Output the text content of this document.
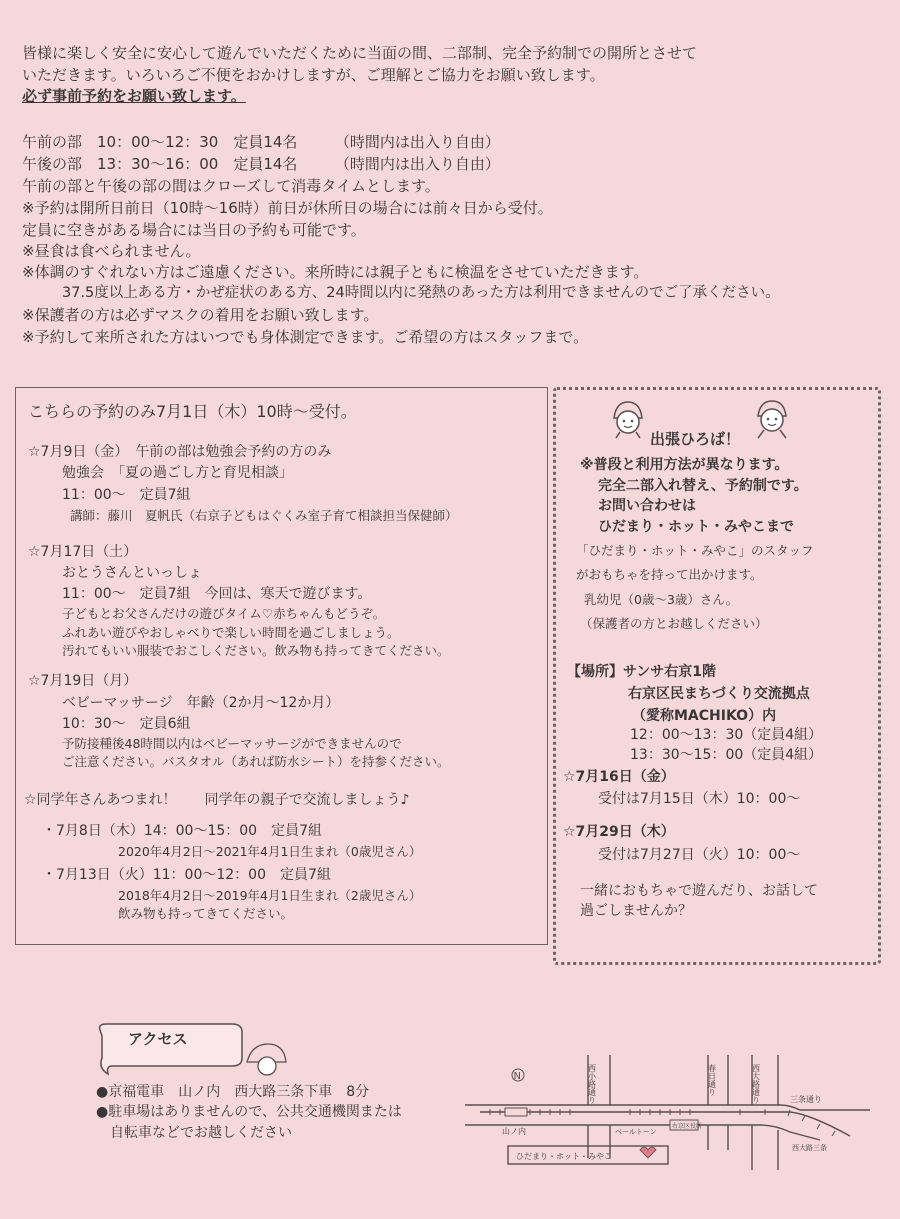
皆様に楽しく安全に安心して遊んでいただくために当面の間、二部制、完全予約制での開所とさせて
いただきます。いろいろご不便をおかけしますが、ご理解とご協力をお願い致します。
必ず事前予約をお願い致します。
午前の部　10：00～12：30　定員14名　　　（時間内は出入り自由）
午後の部　13：30～16：00　定員14名　　　（時間内は出入り自由）
午前の部と午後の部の間はクローズして消毒タイムとします。
※予約は開所日前日（10時～16時）前日が休所日の場合には前々日から受付。
定員に空きがある場合には当日の予約も可能です。
※昼食は食べられません。
※体調のすぐれない方はご遠慮ください。来所時には親子ともに検温をさせていただきます。
37.5度以上ある方・かぜ症状のある方、24時間以内に発熱のあった方は利用できませんのでご了承ください。
※保護者の方は必ずマスクの着用をお願い致します。
※予約して来所された方はいつでも身体測定できます。ご希望の方はスタッフまで。
こちらの予約のみ7月1日（木）10時～受付。
☆7月9日（金）　午前の部は勉強会予約の方のみ
勉強会　「夏の過ごし方と育児相談」
11：00～　定員7組
講師：藤川　夏帆氏（右京子どもはぐくみ室子育て相談担当保健師）
☆7月17日（土）
おとうさんといっしょ
11：00～　定員7組　今回は、寒天で遊びます。
子どもとお父さんだけの遊びタイム♡赤ちゃんもどうぞ。
ふれあい遊びやおしゃべりで楽しい時間を過ごしましょう。
汚れてもいい服装でおこしください。飲み物も持ってきてください。
☆7月19日（月）
ベビーマッサージ　年齢（2か月～12か月）
10：30～　定員6組
予防接種後48時間以内はベビーマッサージができませんので
ご注意ください。バスタオル（あれば防水シート）を持参ください。
☆同学年さんあつまれ！　　同学年の親子で交流しましょう♪
・7月8日（木）14：00～15：00　定員7組
2020年4月2日～2021年4月1日生まれ（0歳児さん）
・7月13日（火）11：00～12：00　定員7組
2018年4月2日～2019年4月1日生まれ（2歳児さん）
飲み物も持ってきてください。
出張ひろば！
※普段と利用方法が異なります。
完全二部入れ替え、予約制です。
お問い合わせは
ひだまり・ホット・みやこまで
「ひだまり・ホット・みやこ」のスタッフ
がおもちゃを持って出かけます。
乳幼児（0歳～3歳）さん。
（保護者の方とお越しください）
【場所】サンサ右京1階
右京区民まちづくり交流拠点
（愛称MACHIKO）内
12：00～13：30（定員4組）
13：30～15：00（定員4組）
☆7月16日（金）
受付は7月15日（木）10：00～
☆7月29日（木）
受付は7月27日（火）10：00～
一緒におもちゃで遊んだり、お話して
過ごしませんか？
アクセス
●京福電車　山ノ内　西大路三条下車　8分
●駐車場はありませんので、公共交通機関または
自転車などでお越しください
N	西小路通り	春日通り	西大路通り	三条通り
山ノ内
西大路三条
ベールトーン
右京区役所
ひだまり・ホット・みやこ
